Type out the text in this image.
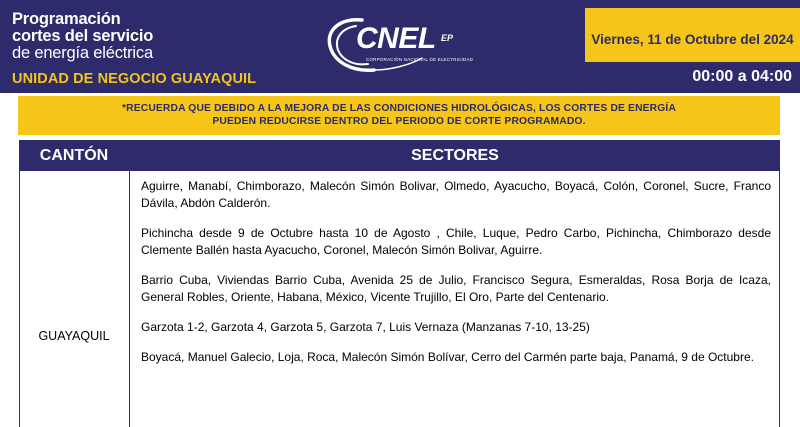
Programación
cortes del servicio
de energía eléctrica
UNIDAD DE NEGOCIO GUAYAQUIL
CNEL EP
CORPORACIÓN NACIONAL DE ELECTRICIDAD
Viernes, 11 de Octubre del 2024
00:00 a 04:00
*RECUERDA QUE DEBIDO A LA MEJORA DE LAS CONDICIONES HIDROLÓGICAS, LOS CORTES DE ENERGÍA
PUEDEN REDUCIRSE DENTRO DEL PERIODO DE CORTE PROGRAMADO.
CANTÓN	SECTORES
GUAYAQUIL

Aguirre, Manabí, Chimborazo, Malecón Simón Bolivar, Olmedo, Ayacucho, Boyacá, Colón, Coronel, Sucre, Franco Dávila, Abdón Calderón.

Pichincha desde 9 de Octubre hasta 10 de Agosto , Chile, Luque, Pedro Carbo, Pichincha, Chimborazo desde Clemente Ballén hasta Ayacucho, Coronel, Malecón Simón Bolivar, Aguirre.

Barrio Cuba, Viviendas Barrio Cuba, Avenida 25 de Julio, Francisco Segura, Esmeraldas, Rosa Borja de Icaza, General Robles, Oriente, Habana, México, Vicente Trujillo, El Oro, Parte del Centenario.

Garzota 1-2, Garzota 4, Garzota 5, Garzota 7, Luis Vernaza (Manzanas 7-10, 13-25)

Boyacá, Manuel Galecio, Loja, Roca, Malecón Simón Bolívar, Cerro del Carmén parte baja, Panamá, 9 de Octubre.
